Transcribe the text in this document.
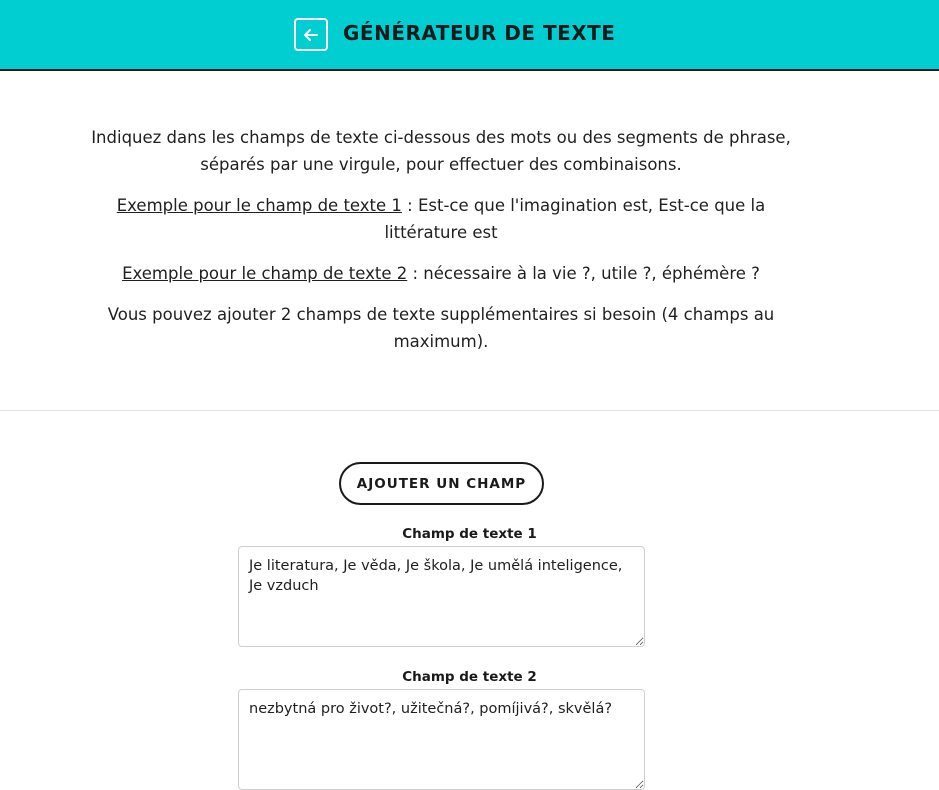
GÉNÉRATEUR DE TEXTE

Indiquez dans les champs de texte ci-dessous des mots ou des segments de phrase, séparés par une virgule, pour effectuer des combinaisons.

Exemple pour le champ de texte 1 : Est-ce que l'imagination est, Est-ce que la littérature est

Exemple pour le champ de texte 2 : nécessaire à la vie ?, utile ?, éphémère ?

Vous pouvez ajouter 2 champs de texte supplémentaires si besoin (4 champs au maximum).

AJOUTER UN CHAMP
Champ de texte 1
Je literatura, Je věda, Je škola, Je umělá inteligence, Je vzduch
Champ de texte 2
nezbytná pro život?, užitečná?, pomíjivá?, skvělá?
